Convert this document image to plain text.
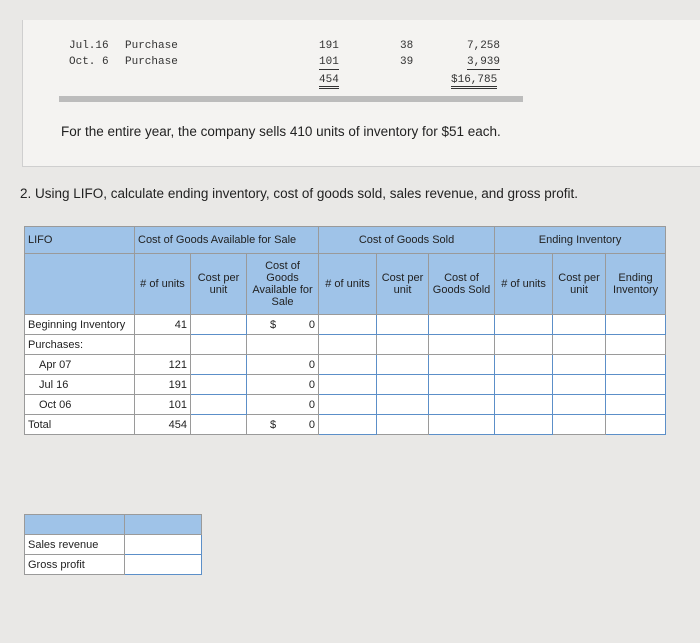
Jul.16 Purchase	191	38	7,258
Oct. 6 Purchase	101	39	3,939
454	$16,785
For the entire year, the company sells 410 units of inventory for $51 each.
2. Using LIFO, calculate ending inventory, cost of goods sold, sales revenue, and gross profit.
LIFO	Cost of Goods Available for Sale			Cost of Goods Sold			Ending Inventory		
	# of units	Cost per unit	Cost of Goods Available for Sale	# of units	Cost per unit	Cost of Goods Sold	# of units	Cost per unit	Ending Inventory
Beginning Inventory	41		$ 0						
Purchases:									
Apr 07	121		0						
Jul 16	191		0						
Oct 06	101		0						
Total	454		$ 0						

Sales revenue	
Gross profit	
